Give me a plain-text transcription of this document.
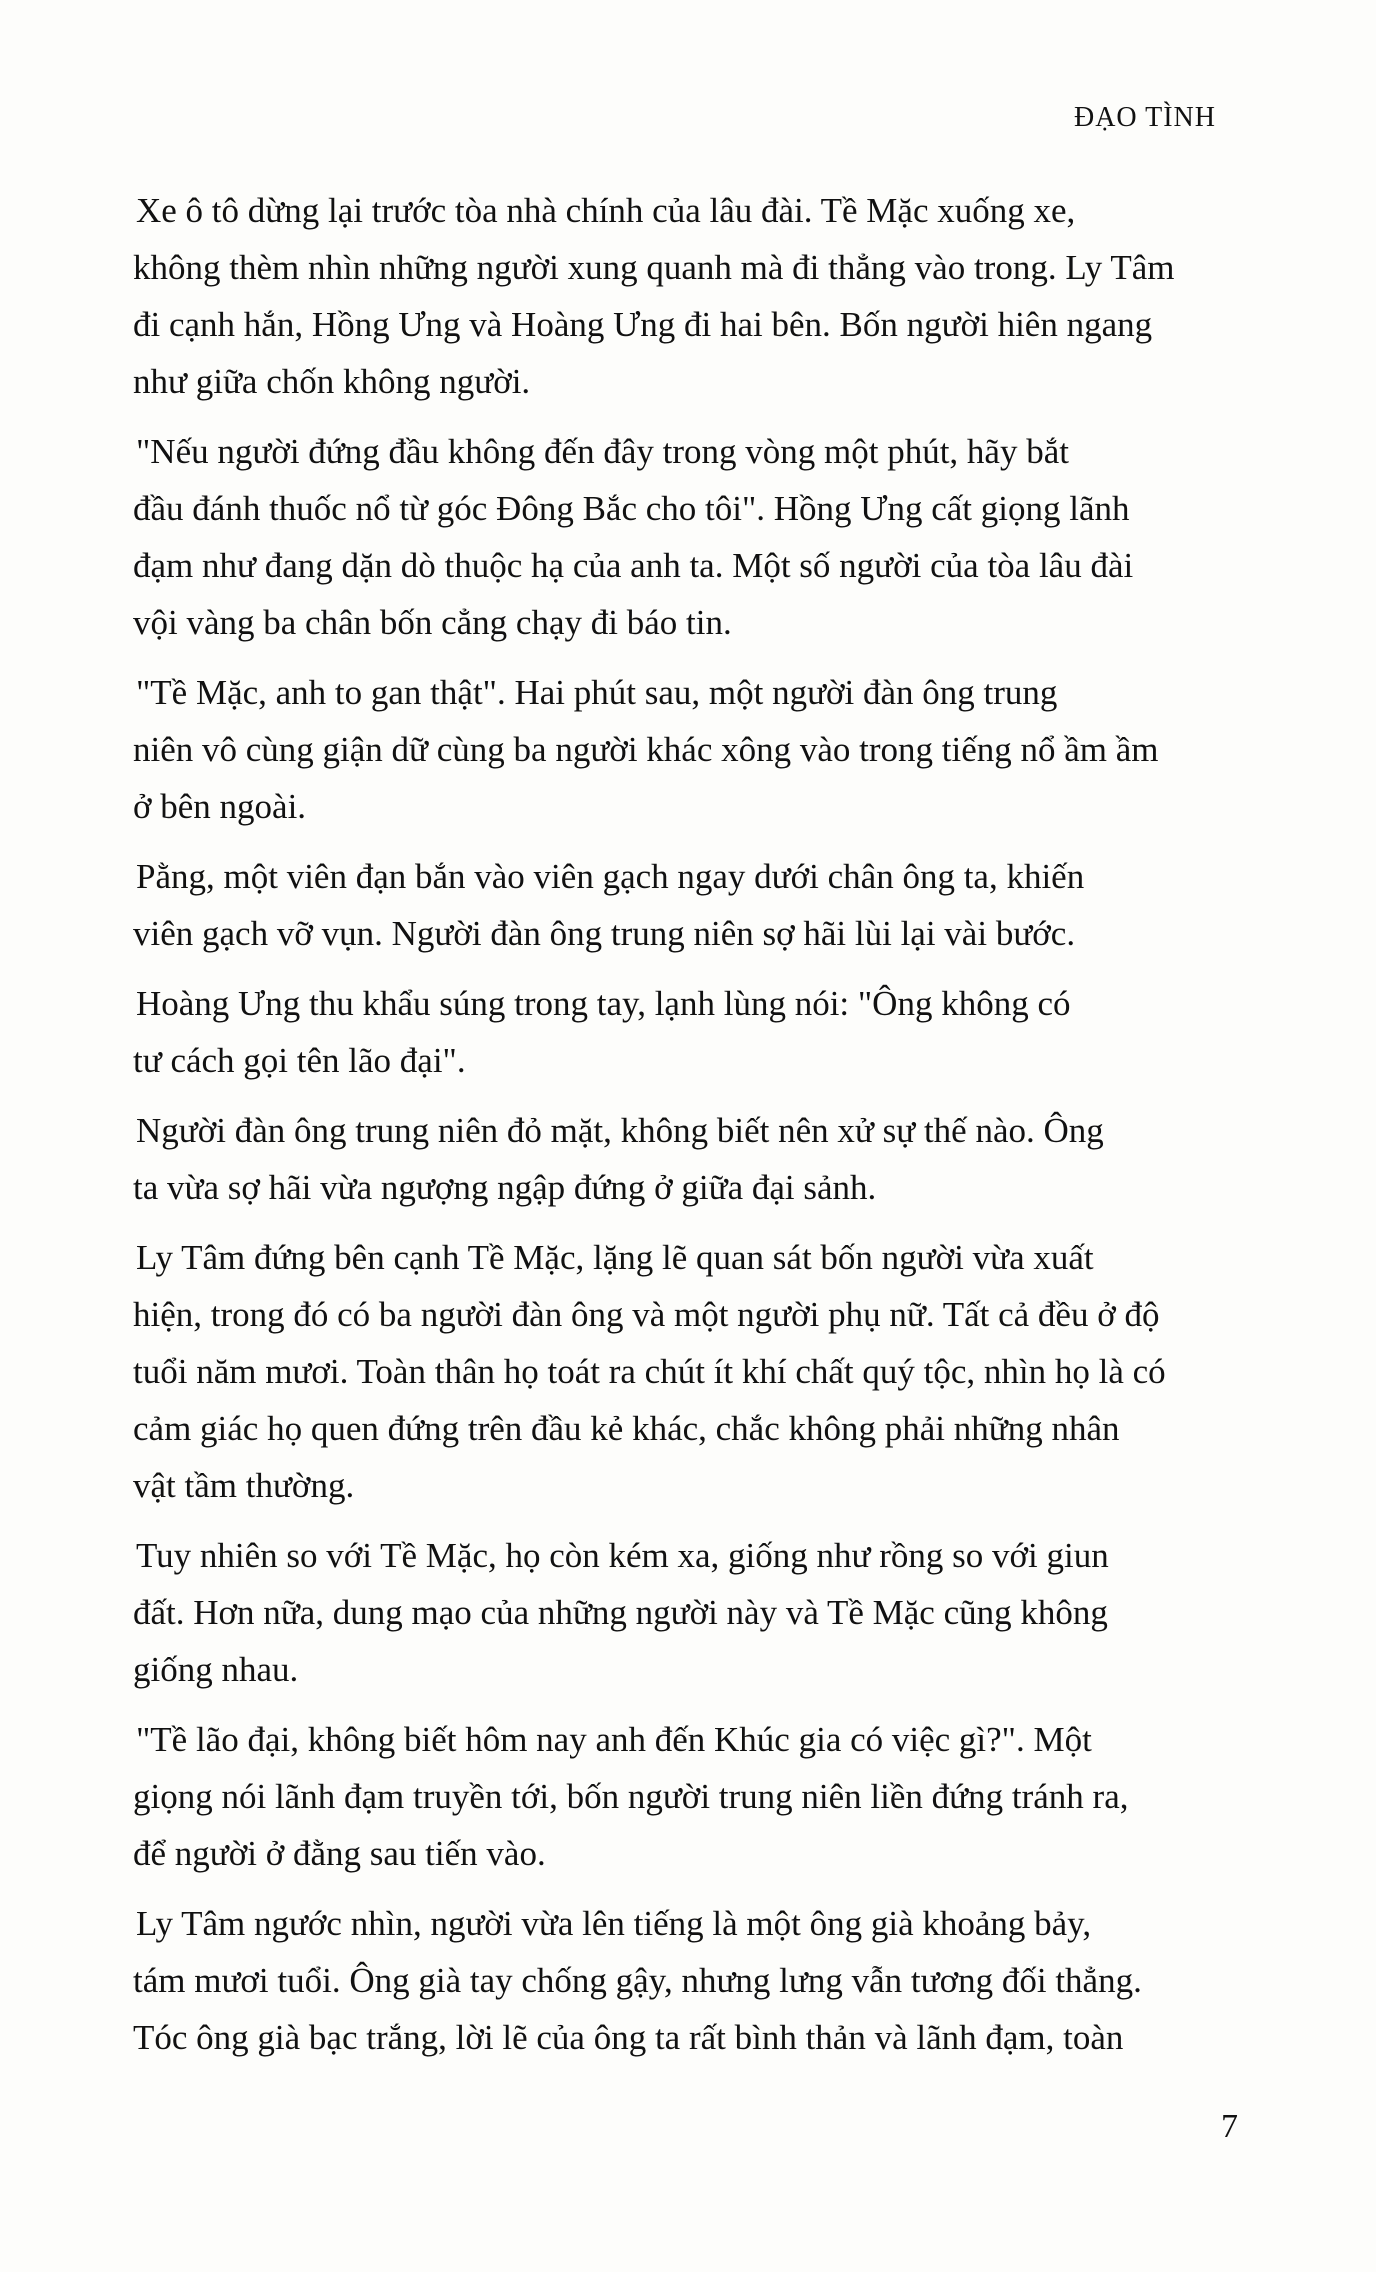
ĐẠO TÌNH

Xe ô tô dừng lại trước tòa nhà chính của lâu đài. Tề Mặc xuống xe,
không thèm nhìn những người xung quanh mà đi thẳng vào trong. Ly Tâm
đi cạnh hắn, Hồng Ưng và Hoàng Ưng đi hai bên. Bốn người hiên ngang
như giữa chốn không người.

"Nếu người đứng đầu không đến đây trong vòng một phút, hãy bắt
đầu đánh thuốc nổ từ góc Đông Bắc cho tôi". Hồng Ưng cất giọng lãnh
đạm như đang dặn dò thuộc hạ của anh ta. Một số người của tòa lâu đài
vội vàng ba chân bốn cẳng chạy đi báo tin.

"Tề Mặc, anh to gan thật". Hai phút sau, một người đàn ông trung
niên vô cùng giận dữ cùng ba người khác xông vào trong tiếng nổ ầm ầm
ở bên ngoài.

Pằng, một viên đạn bắn vào viên gạch ngay dưới chân ông ta, khiến
viên gạch vỡ vụn. Người đàn ông trung niên sợ hãi lùi lại vài bước.

Hoàng Ưng thu khẩu súng trong tay, lạnh lùng nói: "Ông không có
tư cách gọi tên lão đại".

Người đàn ông trung niên đỏ mặt, không biết nên xử sự thế nào. Ông
ta vừa sợ hãi vừa ngượng ngập đứng ở giữa đại sảnh.

Ly Tâm đứng bên cạnh Tề Mặc, lặng lẽ quan sát bốn người vừa xuất
hiện, trong đó có ba người đàn ông và một người phụ nữ. Tất cả đều ở độ
tuổi năm mươi. Toàn thân họ toát ra chút ít khí chất quý tộc, nhìn họ là có
cảm giác họ quen đứng trên đầu kẻ khác, chắc không phải những nhân
vật tầm thường.

Tuy nhiên so với Tề Mặc, họ còn kém xa, giống như rồng so với giun
đất. Hơn nữa, dung mạo của những người này và Tề Mặc cũng không
giống nhau.

"Tề lão đại, không biết hôm nay anh đến Khúc gia có việc gì?". Một
giọng nói lãnh đạm truyền tới, bốn người trung niên liền đứng tránh ra,
để người ở đằng sau tiến vào.

Ly Tâm ngước nhìn, người vừa lên tiếng là một ông già khoảng bảy,
tám mươi tuổi. Ông già tay chống gậy, nhưng lưng vẫn tương đối thẳng.
Tóc ông già bạc trắng, lời lẽ của ông ta rất bình thản và lãnh đạm, toàn

7
